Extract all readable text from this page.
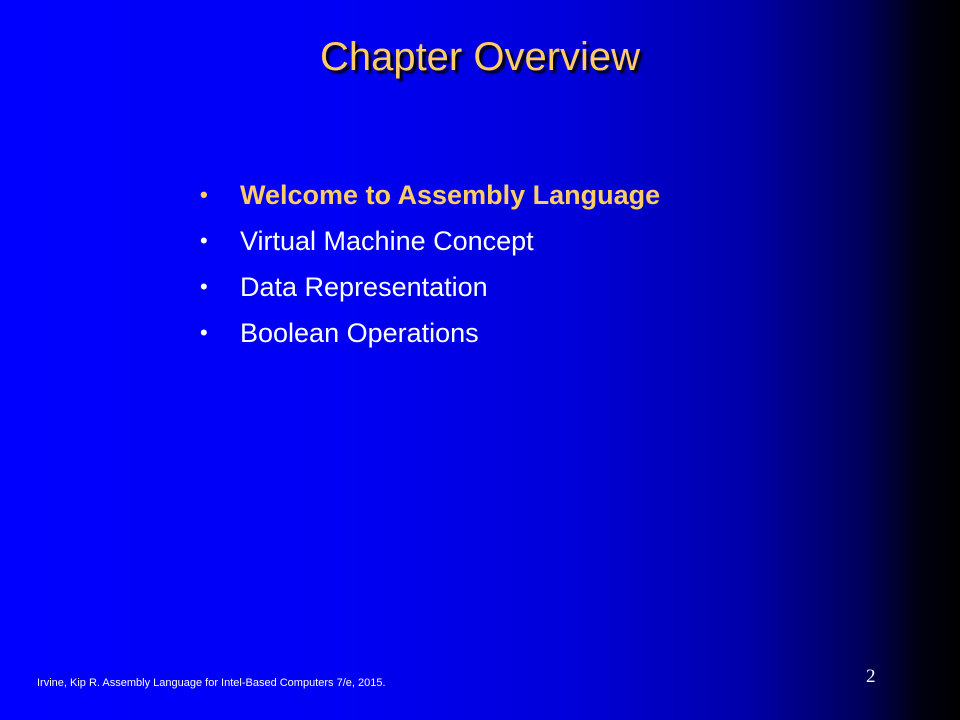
Chapter Overview
• Welcome to Assembly Language
• Virtual Machine Concept
• Data Representation
• Boolean Operations
Irvine, Kip R. Assembly Language for Intel-Based Computers 7/e, 2015.	2
